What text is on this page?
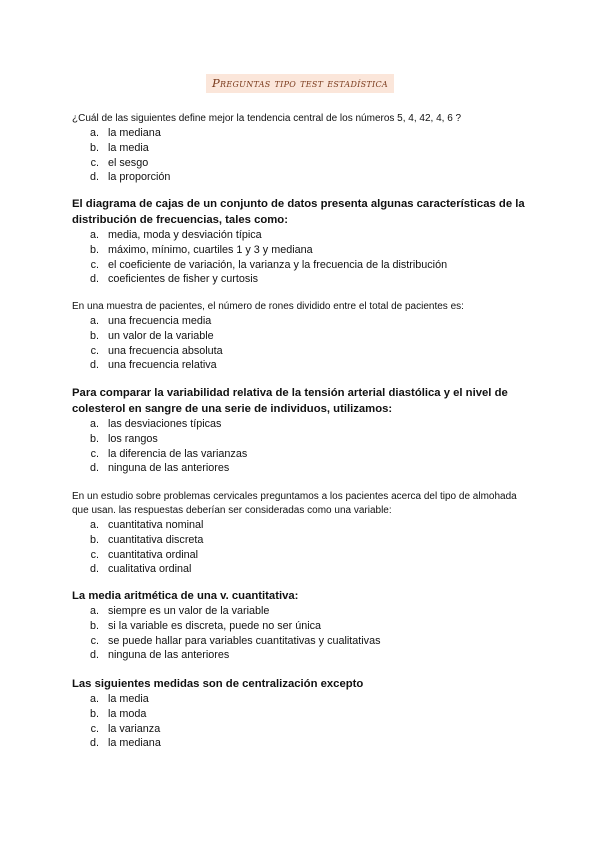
Preguntas tipo test estadística

¿Cuál de las siguientes define mejor la tendencia central de los números 5, 4, 42, 4, 6 ?

a. la mediana
b. la media
c. el sesgo
d. la proporción

El diagrama de cajas de un conjunto de datos presenta algunas características de la distribución de frecuencias, tales como:

a. media, moda y desviación típica
b. máximo, mínimo, cuartiles 1 y 3 y mediana
c. el coeficiente de variación, la varianza y la frecuencia de la distribución
d. coeficientes de fisher y curtosis

En una muestra de pacientes, el número de rones dividido entre el total de pacientes es:

a. una frecuencia media
b. un valor de la variable
c. una frecuencia absoluta
d. una frecuencia relativa

Para comparar la variabilidad relativa de la tensión arterial diastólica y el nivel de colesterol en sangre de una serie de individuos, utilizamos:

a. las desviaciones típicas
b. los rangos
c. la diferencia de las varianzas
d. ninguna de las anteriores

En un estudio sobre problemas cervicales preguntamos a los pacientes acerca del tipo de almohada que usan. las respuestas deberían ser consideradas como una variable:

a. cuantitativa nominal
b. cuantitativa discreta
c. cuantitativa ordinal
d. cualitativa ordinal

La media aritmética de una v. cuantitativa:

a. siempre es un valor de la variable
b. si la variable es discreta, puede no ser única
c. se puede hallar para variables cuantitativas y cualitativas
d. ninguna de las anteriores

Las siguientes medidas son de centralización excepto

a. la media
b. la moda
c. la varianza
d. la mediana
